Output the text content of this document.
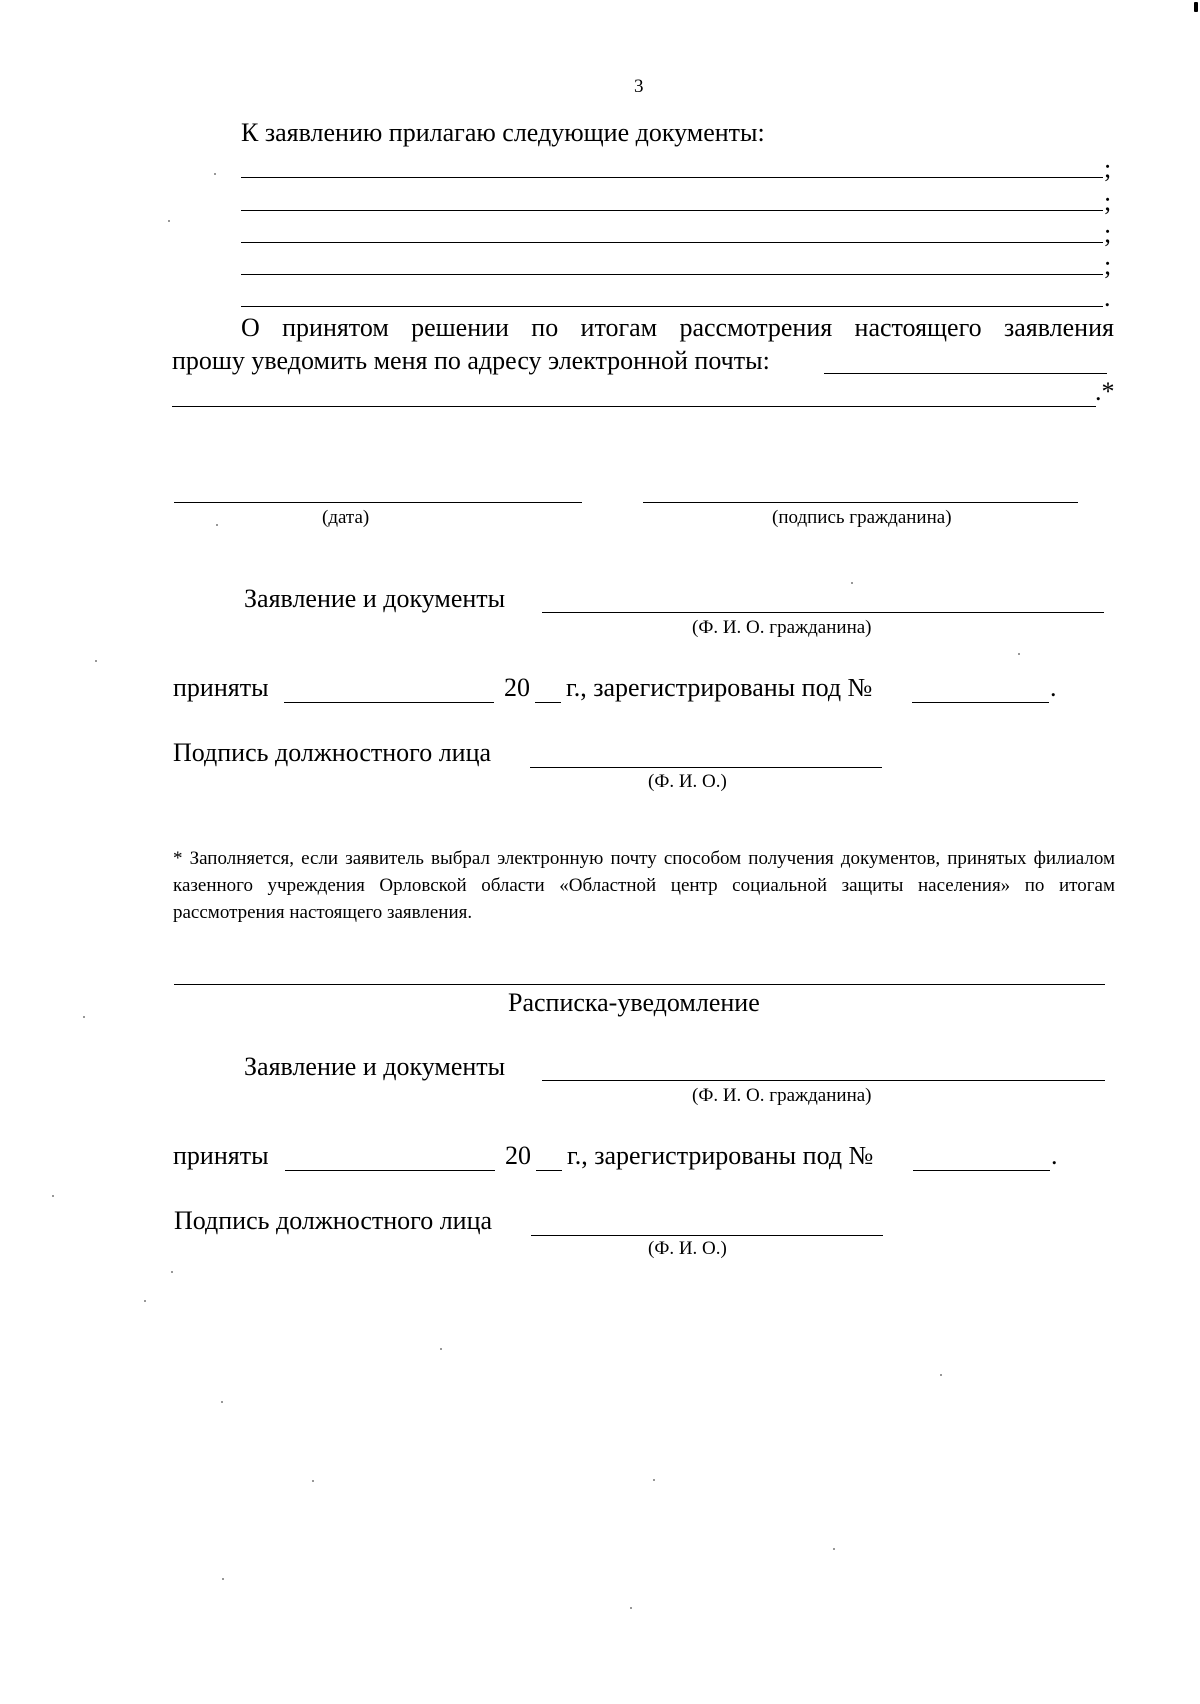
3
К заявлению прилагаю следующие документы:
;
;
;
;
.
О принятом решении по итогам рассмотрения настоящего заявления
прошу уведомить меня по адресу электронной почты:
.*
(дата)	(подпись гражданина)
Заявление и документы
(Ф. И. О. гражданина)
приняты	20 г., зарегистрированы под №	.
Подпись должностного лица
(Ф. И. О.)
* Заполняется, если заявитель выбрал электронную почту способом получения документов, принятых филиалом казенного учреждения Орловской области «Областной центр социальной защиты населения» по итогам рассмотрения настоящего заявления.
Расписка-уведомление
Заявление и документы
(Ф. И. О. гражданина)
приняты	20 г., зарегистрированы под №	.
Подпись должностного лица
(Ф. И. О.)
